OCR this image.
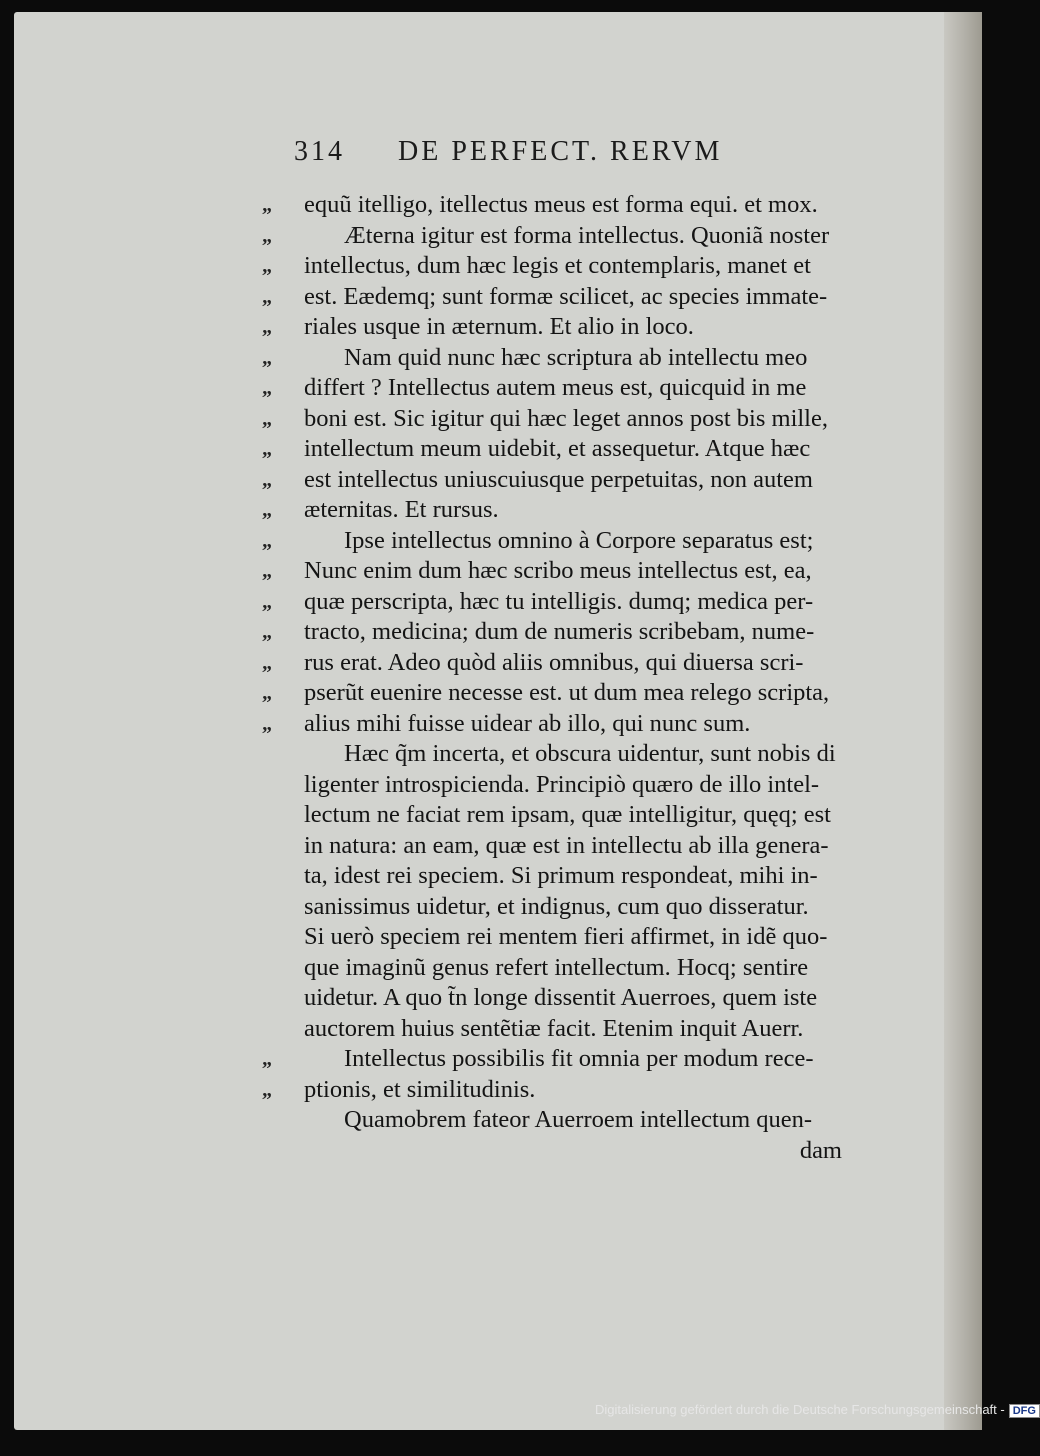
314 DE PERFECT. RERVM
„	equũ itelligo, itellectus meus est forma equi. et mox.
„	Æterna igitur est forma intellectus. Quoniã noster
„	intellectus, dum hæc legis et contemplaris, manet et
„	est. Eædemq; sunt formæ scilicet, ac species immate-
„	riales usque in æternum. Et alio in loco.
„	Nam quid nunc hæc scriptura ab intellectu meo
„	differt ? Intellectus autem meus est, quicquid in me
„	boni est. Sic igitur qui hæc leget annos post bis mille,
„	intellectum meum uidebit, et assequetur. Atque hæc
„	est intellectus uniuscuiusque perpetuitas, non autem
„	æternitas. Et rursus.
„	Ipse intellectus omnino à Corpore separatus est;
„	Nunc enim dum hæc scribo meus intellectus est, ea,
„	quæ perscripta, hæc tu intelligis. dumq; medica per-
„	tracto, medicina; dum de numeris scribebam, nume-
„	rus erat. Adeo quòd aliis omnibus, qui diuersa scri-
„	pserũt euenire necesse est. ut dum mea relego scripta,
„	alius mihi fuisse uidear ab illo, qui nunc sum.
Hæc q̃m incerta, et obscura uidentur, sunt nobis di
ligenter introspicienda. Principiò quæro de illo intel-
lectum ne faciat rem ipsam, quæ intelligitur, quęq; est
in natura: an eam, quæ est in intellectu ab illa genera-
ta, idest rei speciem. Si primum respondeat, mihi in-
sanissimus uidetur, et indignus, cum quo disseratur.
Si uerò speciem rei mentem fieri affirmet, in idẽ quo-
que imaginũ genus refert intellectum. Hocq; sentire
uidetur. A quo t̃n longe dissentit Auerroes, quem iste
auctorem huius sentẽtiæ facit. Etenim inquit Auerr.
„	Intellectus possibilis fit omnia per modum rece-
„	ptionis, et similitudinis.
Quamobrem fateor Auerroem intellectum quen-
dam
Digitalisierung gefördert durch die Deutsche Forschungsgemeinschaft - DFG
